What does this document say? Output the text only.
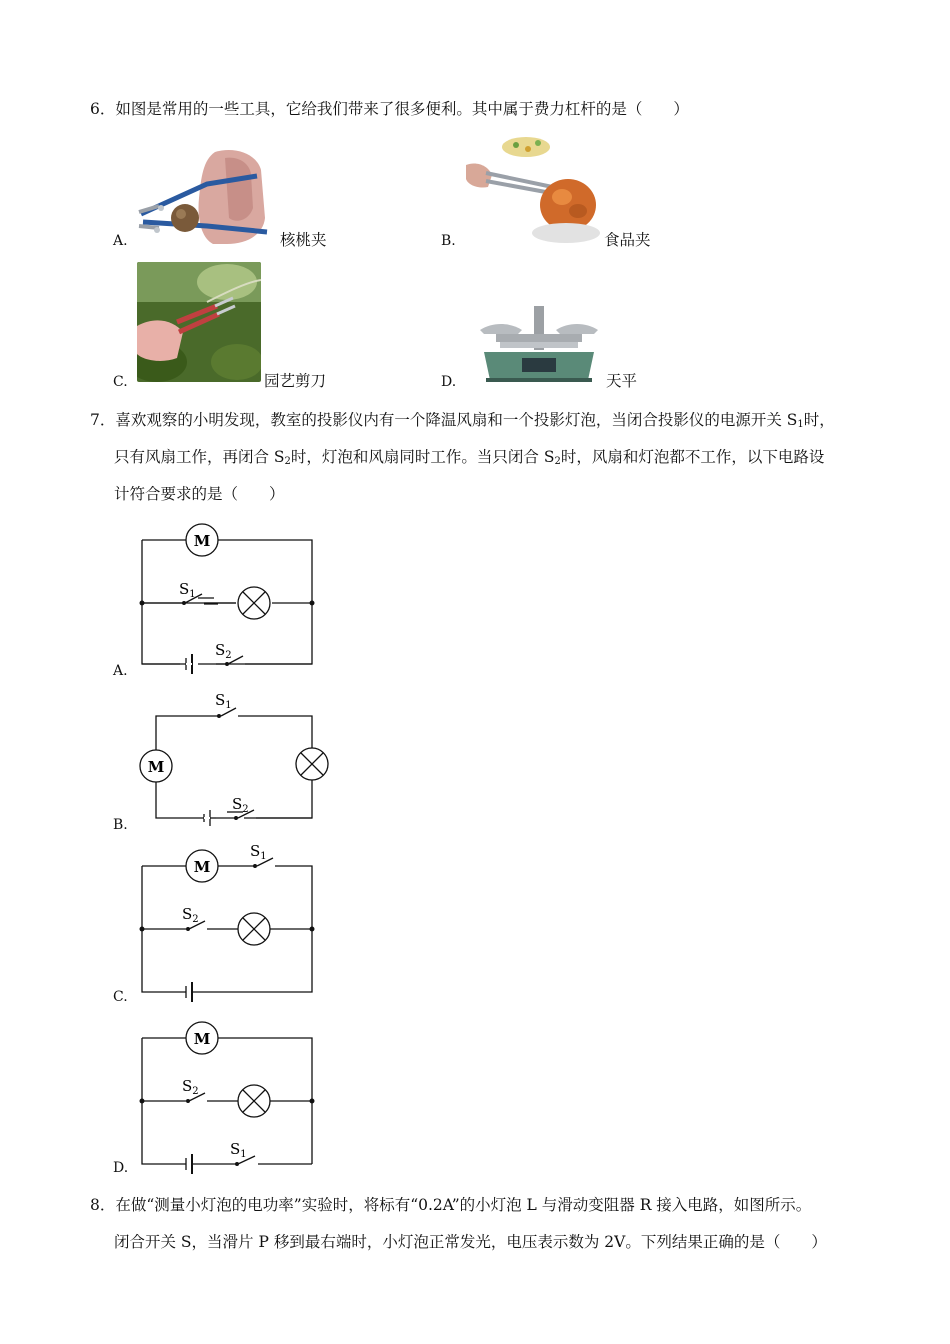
6．如图是常用的一些工具，它给我们带来了很多便利。其中属于费力杠杆的是（　　）
A.	核桃夹	B.	食品夹
C.	园艺剪刀	D.	天平
7．喜欢观察的小明发现，教室的投影仪内有一个降温风扇和一个投影灯泡，当闭合投影仪的电源开关 $S_1$时，
只有风扇工作，再闭合 $S_2$时，灯泡和风扇同时工作。当只闭合 $S_2$时，风扇和灯泡都不工作，以下电路设
计符合要求的是（　　）
A.
M
$S_1$
$S_2$
B.
M
$S_1$
$S_2$
C.
M
$S_1$
$S_2$
D.
M
$S_2$
$S_1$
8．在做“测量小灯泡的电功率”实验时，将标有“0.2A”的小灯泡 L 与滑动变阻器 R 接入电路，如图所示。
闭合开关 S，当滑片 P 移到最右端时，小灯泡正常发光，电压表示数为 2V。下列结果正确的是（　　）
